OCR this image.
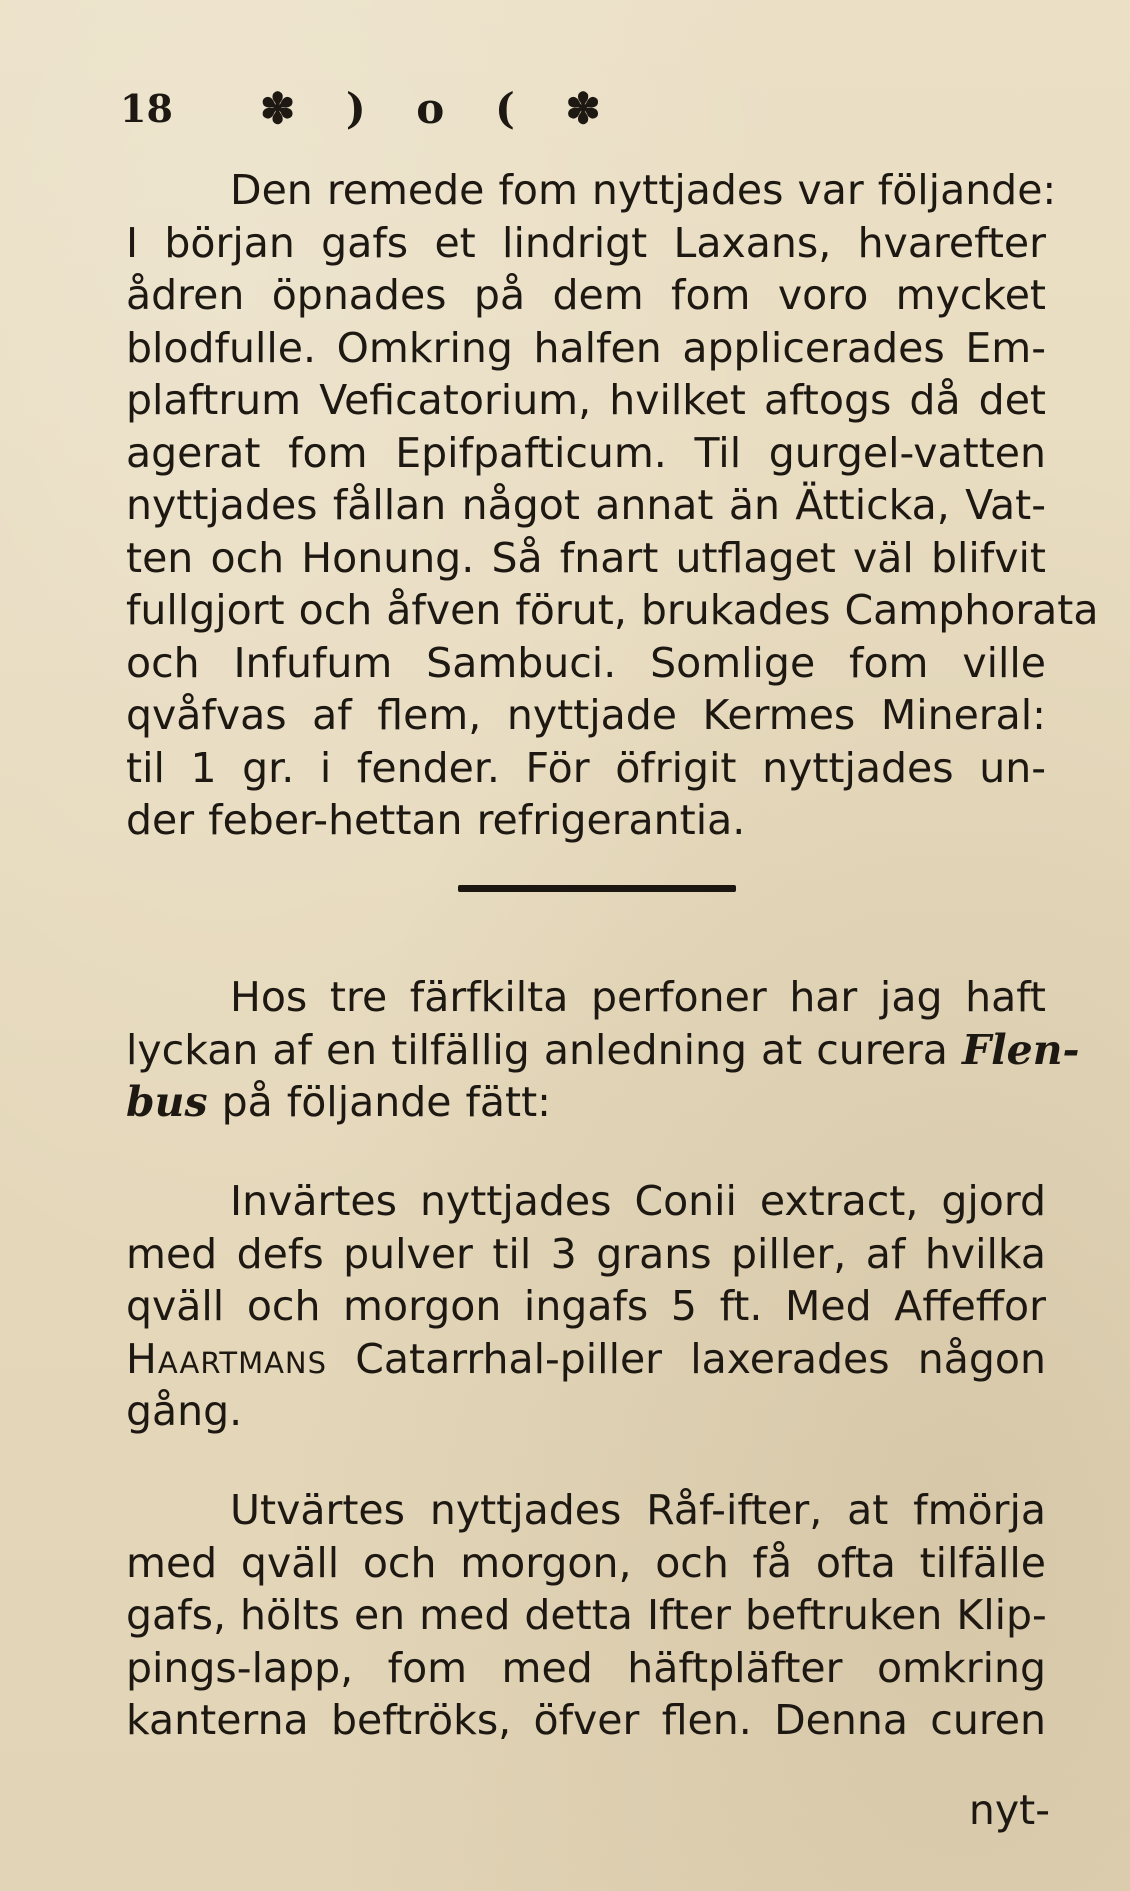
18	✽ ) o ( ✽
Den remede fom nyttjades var följande:
I början gafs et lindrigt Laxans, hvarefter
ådren öpnades på dem fom voro mycket
blodfulle. Omkring halfen applicerades Em-
plaftrum Veficatorium, hvilket aftogs då det
agerat fom Epifpafticum. Til gurgel-vatten
nyttjades fållan något annat än Ätticka, Vat-
ten och Honung. Så fnart utflaget väl blifvit
fullgjort och åfven förut, brukades Camphorata
och Infufum Sambuci. Somlige fom ville
qvåfvas af flem, nyttjade Kermes Mineral:
til 1 gr. i fender. För öfrigit nyttjades un-
der feber-hettan refrigerantia.
Hos tre färfkilta perfoner har jag haft
lyckan af en tilfällig anledning at curera Flen-
bus på följande fätt:
Invärtes nyttjades Conii extract, gjord
med defs pulver til 3 grans piller, af hvilka
qväll och morgon ingafs 5 ft. Med Affeffor
Haartmans Catarrhal-piller laxerades någon
gång.
Utvärtes nyttjades Råf-ifter, at fmörja
med qväll och morgon, och få ofta tilfälle
gafs, hölts en med detta Ifter beftruken Klip-
pings-lapp, fom med häftpläfter omkring
kanterna beftröks, öfver flen. Denna curen
nyt-
